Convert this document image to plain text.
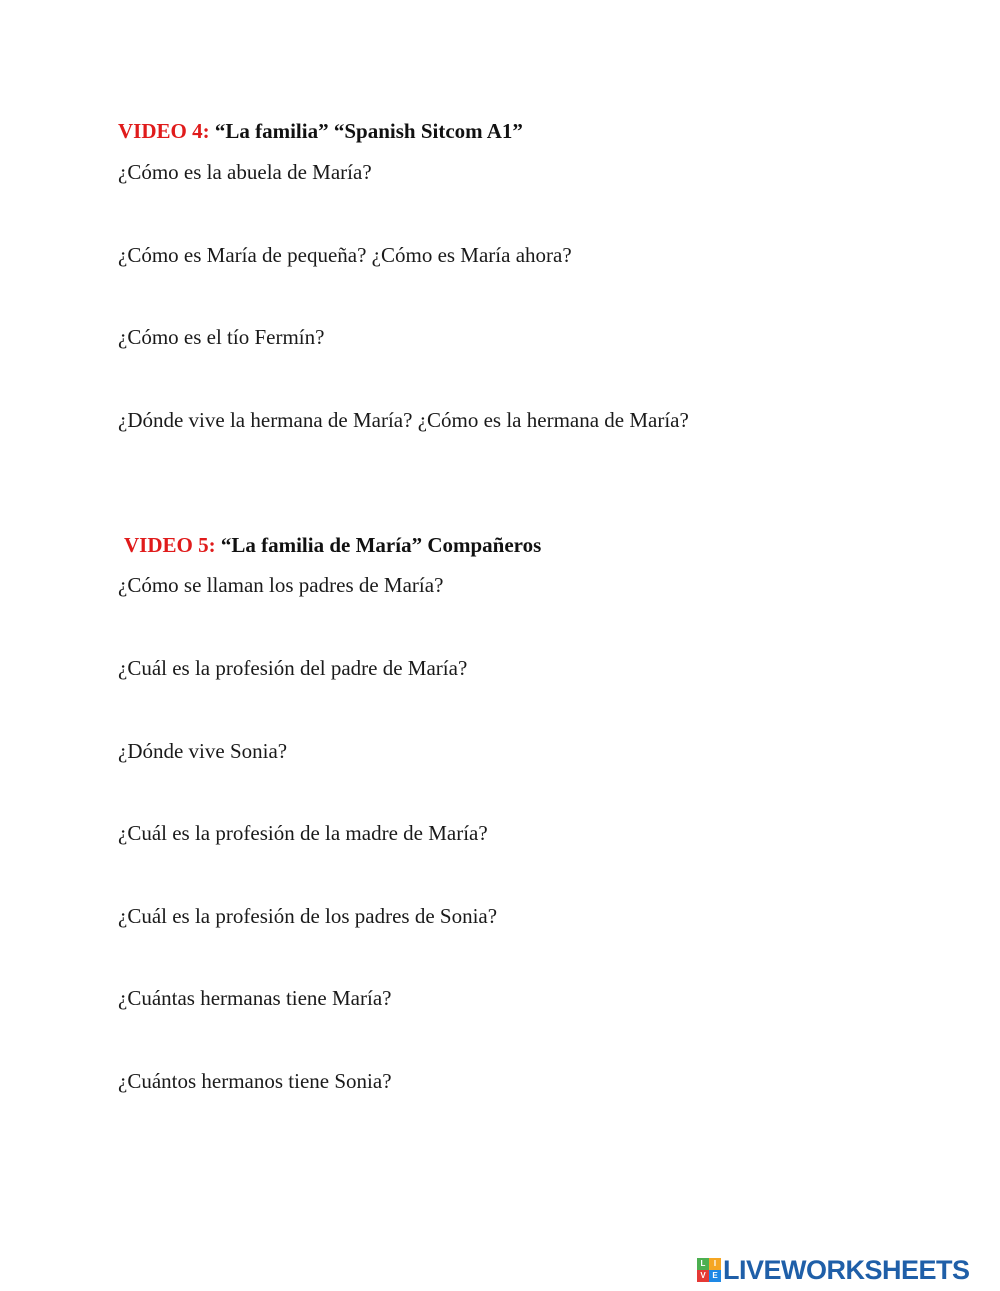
VIDEO 4: “La familia” “Spanish Sitcom A1”
¿Cómo es la abuela de María?
¿Cómo es María de pequeña? ¿Cómo es María ahora?
¿Cómo es el tío Fermín?
¿Dónde vive la hermana de María? ¿Cómo es la hermana de María?
VIDEO 5: “La familia de María” Compañeros
¿Cómo se llaman los padres de María?
¿Cuál es la profesión del padre de María?
¿Dónde vive Sonia?
¿Cuál es la profesión de la madre de María?
¿Cuál es la profesión de los padres de Sonia?
¿Cuántas hermanas tiene María?
¿Cuántos hermanos tiene Sonia?
L	I
V E LIVEWORKSHEETS
